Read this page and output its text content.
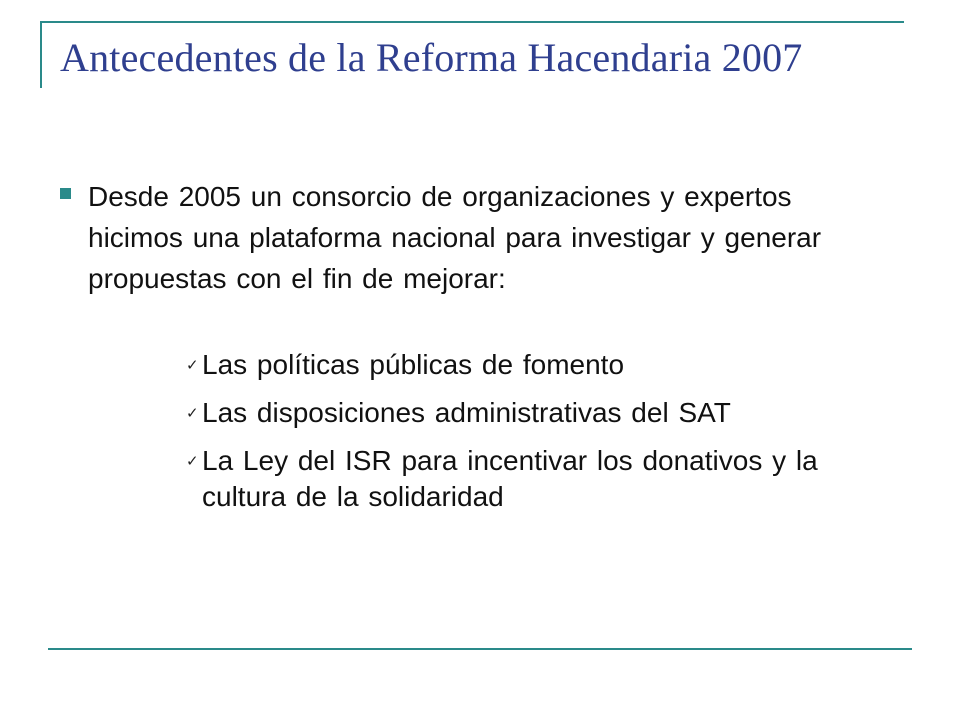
Antecedentes de la Reforma Hacendaria 2007

Desde 2005 un consorcio de organizaciones y expertos hicimos una plataforma nacional para investigar y generar propuestas con el fin de mejorar:

✓ Las políticas públicas de fomento
✓ Las disposiciones administrativas del SAT
✓ La Ley del ISR para incentivar los donativos y la cultura de la solidaridad
